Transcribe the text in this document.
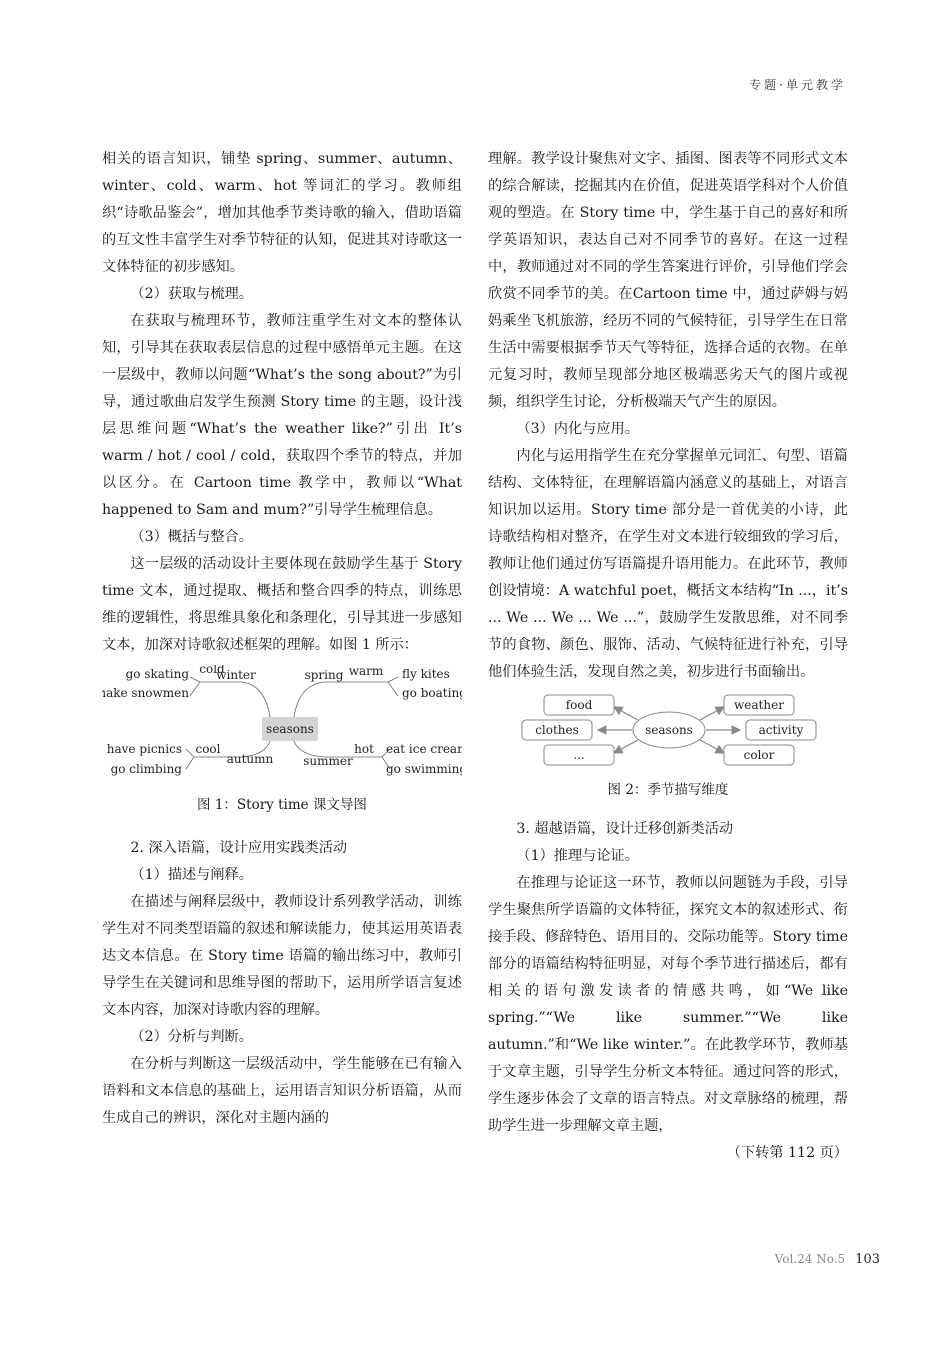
专题·单元教学

相关的语言知识，铺垫 spring、summer、autumn、winter、cold、warm、hot 等词汇的学习。教师组织“诗歌品鉴会”，增加其他季节类诗歌的输入，借助语篇的互文性丰富学生对季节特征的认知，促进其对诗歌这一文体特征的初步感知。

（2）获取与梳理。

在获取与梳理环节，教师注重学生对文本的整体认知，引导其在获取表层信息的过程中感悟单元主题。在这一层级中，教师以问题“What’s the song about?”为引导，通过歌曲启发学生预测 Story time 的主题，设计浅层思维问题“What’s the weather like?”引出 It’s warm / hot / cool / cold，获取四个季节的特点，并加以区分。在 Cartoon time 教学中，教师以“What happened to Sam and mum?”引导学生梳理信息。

（3）概括与整合。

这一层级的活动设计主要体现在鼓励学生基于 Story time 文本，通过提取、概括和整合四季的特点，训练思维的逻辑性，将思维具象化和条理化，引导其进一步感知文本，加深对诗歌叙述框架的理解。如图 1 所示：

seasons
winter
cold
go skating
make snowmen
spring warm fly kites
go boating
autumn
cool
have picnics
go climbing
summer
hot eat ice cream
go swimming
图 1：Story time 课文导图

2. 深入语篇，设计应用实践类活动

（1）描述与阐释。

在描述与阐释层级中，教师设计系列教学活动，训练学生对不同类型语篇的叙述和解读能力，使其运用英语表达文本信息。在 Story time 语篇的输出练习中，教师引导学生在关键词和思维导图的帮助下，运用所学语言复述文本内容，加深对诗歌内容的理解。

（2）分析与判断。

在分析与判断这一层级活动中，学生能够在已有输入语料和文本信息的基础上，运用语言知识分析语篇，从而生成自己的辨识，深化对主题内涵的

理解。教学设计聚焦对文字、插图、图表等不同形式文本的综合解读，挖掘其内在价值，促进英语学科对个人价值观的塑造。在 Story time 中，学生基于自己的喜好和所学英语知识，表达自己对不同季节的喜好。在这一过程中，教师通过对不同的学生答案进行评价，引导他们学会欣赏不同季节的美。在Cartoon time 中，通过萨姆与妈妈乘坐飞机旅游，经历不同的气候特征，引导学生在日常生活中需要根据季节天气等特征，选择合适的衣物。在单元复习时，教师呈现部分地区极端恶劣天气的图片或视频，组织学生讨论，分析极端天气产生的原因。

（3）内化与应用。

内化与运用指学生在充分掌握单元词汇、句型、语篇结构、文体特征，在理解语篇内涵意义的基础上，对语言知识加以运用。Story time 部分是一首优美的小诗，此诗歌结构相对整齐，在学生对文本进行较细致的学习后，教师让他们通过仿写语篇提升语用能力。在此环节，教师创设情境：A watchful poet，概括文本结构“In ...，it’s ... We ... We ... We ...”，鼓励学生发散思维，对不同季节的食物、颜色、服饰、活动、气候特征进行补充，引导他们体验生活，发现自然之美，初步进行书面输出。

seasons
food	weather
clothes	activity
...	color
图 2：季节描写维度

3. 超越语篇，设计迁移创新类活动

（1）推理与论证。

在推理与论证这一环节，教师以问题链为手段，引导学生聚焦所学语篇的文体特征，探究文本的叙述形式、衔接手段、修辞特色、语用目的、交际功能等。Story time 部分的语篇结构特征明显，对每个季节进行描述后，都有相关的语句激发读者的情感共鸣，如“We like spring.”“We like summer.”“We like autumn.”和“We like winter.”。在此教学环节，教师基于文章主题，引导学生分析文本特征。通过问答的形式，学生逐步体会了文章的语言特点。对文章脉络的梳理，帮助学生进一步理解文章主题，

（下转第 112 页）

Vol.24 No.5 103
